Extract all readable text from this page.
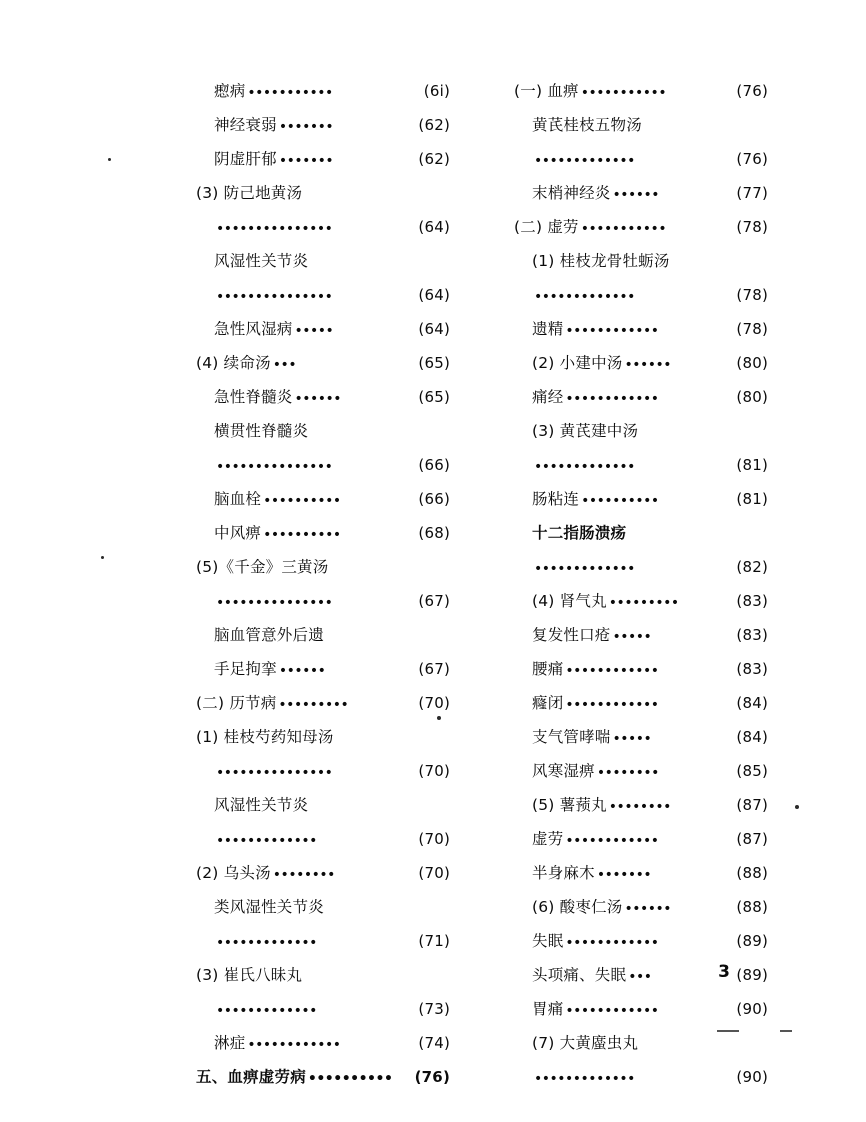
瘛病 •••••••••••	(6i)
神经衰弱 •••••••	(62)
阴虚肝郁 •••••••	(62)
(3) 防己地黄汤
•••••••••••••••	(64)
风湿性关节炎
•••••••••••••••	(64)
急性风湿病 •••••	(64)
(4) 续命汤 •••	(65)
急性脊髓炎 ••••••	(65)
横贯性脊髓炎
•••••••••••••••	(66)
脑血栓 ••••••••••	(66)
中风痹 ••••••••••	(68)
(5)《千金》三黄汤
•••••••••••••••	(67)
脑血管意外后遗
手足拘挛 ••••••	(67)
(二) 历节病 •••••••••	(70)
(1) 桂枝芍药知母汤
•••••••••••••••	(70)
风湿性关节炎
•••••••••••••	(70)
(2) 乌头汤 ••••••••	(70)
类风湿性关节炎
•••••••••••••	(71)
(3) 崔氏八昧丸
•••••••••••••	(73)
淋症 ••••••••••••	(74)
五、血痹虚劳病 •••••••••• (76)
(一) 血痹 •••••••••••	(76)
黄芪桂枝五物汤
•••••••••••••	(76)
末梢神经炎 ••••••	(77)
(二) 虚劳 •••••••••••	(78)
(1) 桂枝龙骨牡蛎汤
•••••••••••••	(78)
遗精 ••••••••••••	(78)
(2) 小建中汤 ••••••	(80)
痛经 ••••••••••••	(80)
(3) 黄芪建中汤
•••••••••••••	(81)
肠粘连 ••••••••••	(81)
十二指肠溃疡
•••••••••••••	(82)
(4) 肾气丸 •••••••••	(83)
复发性口疮 •••••	(83)
腰痛 ••••••••••••	(83)
癃闭 ••••••••••••	(84)
支气管哮喘 •••••	(84)
风寒湿痹 ••••••••	(85)
(5) 薯蓣丸 ••••••••	(87)
虚劳 ••••••••••••	(87)
半身麻木 •••••••	(88)
(6) 酸枣仁汤 ••••••	(88)
失眠 ••••••••••••	(89)
头项痛、失眠 •••	(89)
胃痛 ••••••••••••	(90)
(7) 大黄䗪虫丸
•••••••••••••	(90)
3
